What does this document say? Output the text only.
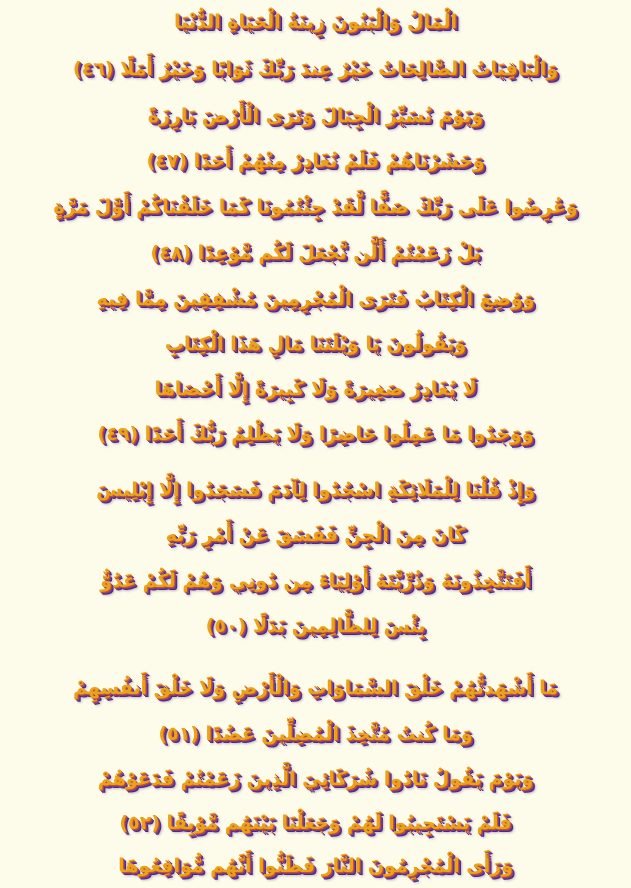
الْمَالُ وَالْبَنُونَ زِينَةُ الْحَيَاةِ الدُّنْيَا
وَالْبَاقِيَاتُ الصَّالِحَاتُ خَيْرٌ عِندَ رَبِّكَ ثَوَابًا وَخَيْرٌ أَمَلًا (٤٦)
وَيَوْمَ نُسَيِّرُ الْجِبَالَ وَتَرَى الْأَرْضَ بَارِزَةً
وَحَشَرْنَاهُمْ فَلَمْ نُغَادِرْ مِنْهُمْ أَحَدًا (٤٧)
وَعُرِضُوا عَلَى رَبِّكَ صَفًّا لَّقَدْ جِئْتُمُونَا كَمَا خَلَقْنَاكُمْ أَوَّلَ مَرَّةٍ
بَلْ زَعَمْتُمْ أَلَّن نَّجْعَلَ لَكُم مَّوْعِدًا (٤٨)
وَوُضِعَ الْكِتَابُ فَتَرَى الْمُجْرِمِينَ مُشْفِقِينَ مِمَّا فِيهِ
وَيَقُولُونَ يَا وَيْلَتَنَا مَالِ هَذَا الْكِتَابِ
لَا يُغَادِرُ صَغِيرَةً وَلَا كَبِيرَةً إِلَّا أَحْصَاهَا
وَوَجَدُوا مَا عَمِلُوا حَاضِرًا وَلَا يَظْلِمُ رَبُّكَ أَحَدًا (٤٩)
وَإِذْ قُلْنَا لِلْمَلَائِكَةِ اسْجُدُوا لِآدَمَ فَسَجَدُوا إِلَّا إِبْلِيسَ
كَانَ مِنَ الْجِنِّ فَفَسَقَ عَنْ أَمْرِ رَبِّهِ
أَفَتَتَّخِذُونَهُ وَذُرِّيَّتَهُ أَوْلِيَاءَ مِن دُونِي وَهُمْ لَكُمْ عَدُوٌّ
بِئْسَ لِلظَّالِمِينَ بَدَلًا (٥٠)
مَا أَشْهَدتُّهُمْ خَلْقَ السَّمَاوَاتِ وَالْأَرْضِ وَلَا خَلْقَ أَنفُسِهِمْ
وَمَا كُنتُ مُتَّخِذَ الْمُضِلِّينَ عَضُدًا (٥١)
وَيَوْمَ يَقُولُ نَادُوا شُرَكَائِيَ الَّذِينَ زَعَمْتُمْ فَدَعَوْهُمْ
فَلَمْ يَسْتَجِيبُوا لَهُمْ وَجَعَلْنَا بَيْنَهُم مَّوْبِقًا (٥٢)
وَرَأَى الْمُجْرِمُونَ النَّارَ فَظَنُّوا أَنَّهُم مُّوَاقِعُوهَا
